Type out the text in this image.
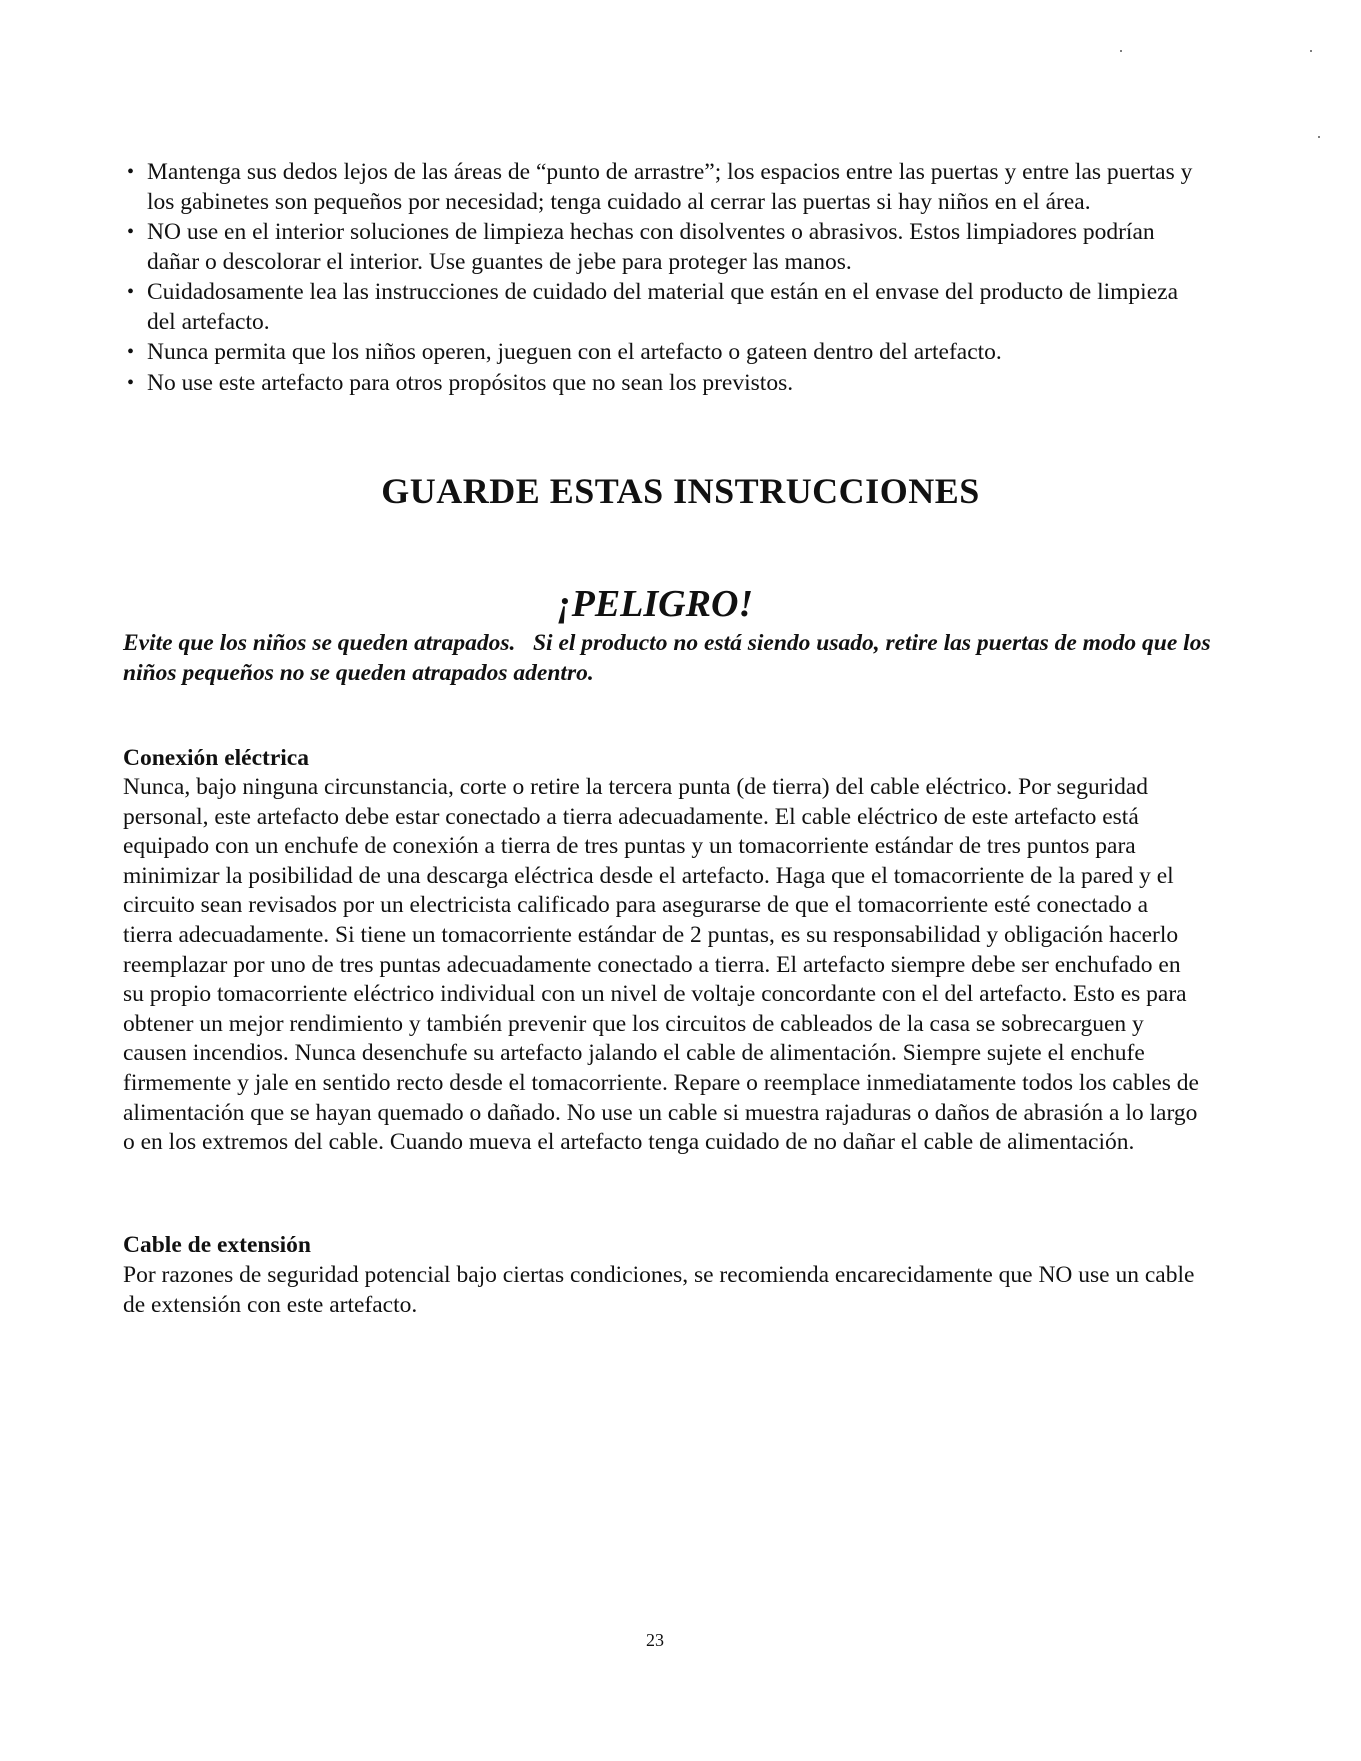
• Mantenga sus dedos lejos de las áreas de “punto de arrastre”; los espacios entre las puertas y entre las puertas y los gabinetes son pequeños por necesidad; tenga cuidado al cerrar las puertas si hay niños en el área.
• NO use en el interior soluciones de limpieza hechas con disolventes o abrasivos. Estos limpiadores podrían dañar o descolorar el interior. Use guantes de jebe para proteger las manos.
• Cuidadosamente lea las instrucciones de cuidado del material que están en el envase del producto de limpieza del artefacto.
• Nunca permita que los niños operen, jueguen con el artefacto o gateen dentro del artefacto.
• No use este artefacto para otros propósitos que no sean los previstos.
GUARDE ESTAS INSTRUCCIONES
¡PELIGRO!

Evite que los niños se queden atrapados.   Si el producto no está siendo usado, retire las puertas de modo que los niños pequeños no se queden atrapados adentro.

Conexión eléctrica

Nunca, bajo ninguna circunstancia, corte o retire la tercera punta (de tierra) del cable eléctrico. Por seguridad personal, este artefacto debe estar conectado a tierra adecuadamente. El cable eléctrico de este artefacto está equipado con un enchufe de conexión a tierra de tres puntas y un tomacorriente estándar de tres puntos para minimizar la posibilidad de una descarga eléctrica desde el artefacto. Haga que el tomacorriente de la pared y el circuito sean revisados por un electricista calificado para asegurarse de que el tomacorriente esté conectado a tierra adecuadamente. Si tiene un tomacorriente estándar de 2 puntas, es su responsabilidad y obligación hacerlo reemplazar por uno de tres puntas adecuadamente conectado a tierra. El artefacto siempre debe ser enchufado en su propio tomacorriente eléctrico individual con un nivel de voltaje concordante con el del artefacto. Esto es para obtener un mejor rendimiento y también prevenir que los circuitos de cableados de la casa se sobrecarguen y causen incendios. Nunca desenchufe su artefacto jalando el cable de alimentación. Siempre sujete el enchufe firmemente y jale en sentido recto desde el tomacorriente. Repare o reemplace inmediatamente todos los cables de alimentación que se hayan quemado o dañado. No use un cable si muestra rajaduras o daños de abrasión a lo largo o en los extremos del cable. Cuando mueva el artefacto tenga cuidado de no dañar el cable de alimentación.

Cable de extensión

Por razones de seguridad potencial bajo ciertas condiciones, se recomienda encarecidamente que NO use un cable de extensión con este artefacto.

23
